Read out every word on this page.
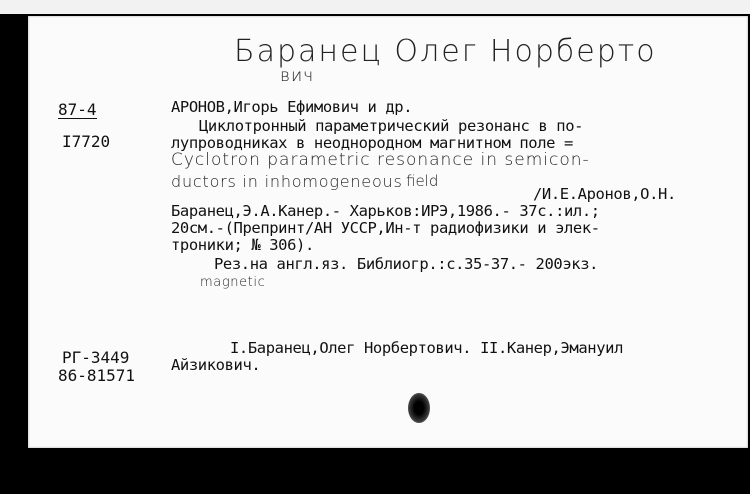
Баранец Олег Норберто
вич
87-4
I7720
РГ-3449
86-81571
АРОНОВ,Игорь Ефимович и др.
Циклотронный параметрический резонанс в по-
лупроводниках в неоднородном магнитном поле =
Cyclotron parametric resonance in semicon-
ductors in inhomogeneous field
/И.Е.Аронов,О.Н.
Баранец,Э.А.Канер.- Харьков:ИРЭ,1986.- 37с.:ил.;
20см.-(Препринт/АН УССР,Ин-т радиофизики и элек-
троники; № 306).
Рез.на англ.яз. Библиогр.:с.35-37.- 200экз.
magnetic
I.Баранец,Олег Норбертович. II.Канер,Эмануил
Айзикович.
